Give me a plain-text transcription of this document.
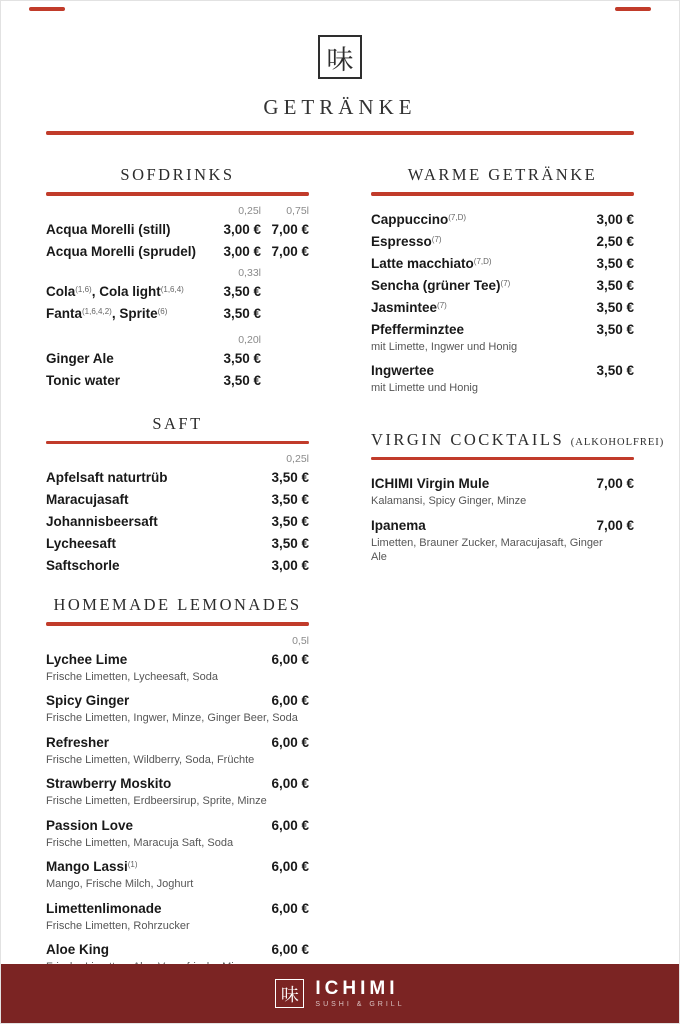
味
GETRÄNKE
SOFDRINKS
0,25l	0,75l
Acqua Morelli (still)	3,00 € 7,00 €
Acqua Morelli (sprudel)	3,00 € 7,00 €
0,33l
Cola$^{(1,6)}$, Cola light$^{(1,6,4)}$	3,50 €
Fanta$^{(1,6,4,2)}$, Sprite$^{(6)}$	3,50 €
0,20l
Ginger Ale	3,50 €
Tonic water	3,50 €
SAFT
0,25l
Apfelsaft naturtrüb	3,50 €
Maracujasaft	3,50 €
Johannisbeersaft	3,50 €
Lycheesaft	3,50 €
Saftschorle	3,00 €
HOMEMADE LEMONADES
0,5l
Lychee Lime	6,00 €
Frische Limetten, Lycheesaft, Soda
Spicy Ginger	6,00 €
Frische Limetten, Ingwer, Minze, Ginger Beer, Soda
Refresher	6,00 €
Frische Limetten, Wildberry, Soda, Früchte
Strawberry Moskito	6,00 €
Frische Limetten, Erdbeersirup, Sprite, Minze
Passion Love	6,00 €
Frische Limetten, Maracuja Saft, Soda
Mango Lassi$^{(1)}$	6,00 €
Mango, Frische Milch, Joghurt
Limettenlimonade	6,00 €
Frische Limetten, Rohrzucker
Aloe King	6,00 €
WARME GETRÄNKE
Cappuccino$^{(7,D)}$	3,00 €
Espresso$^{(7)}$	2,50 €
Latte macchiato$^{(7,D)}$	3,50 €
Sencha (grüner Tee)$^{(7)}$	3,50 €
Jasmintee$^{(7)}$	3,50 €
Pfefferminztee	3,50 €
mit Limette, Ingwer und Honig
Ingwertee	3,50 €
mit Limette und Honig
VIRGIN COCKTAILS (ALKOHOLFREI)
ICHIMI Virgin Mule	7,00 €
Kalamansi, Spicy Ginger, Minze
Ipanema	7,00 €
Limetten, Brauner Zucker, Maracujasaft, Ginger Ale
味 ICHIMI
SUSHI & GRILL
